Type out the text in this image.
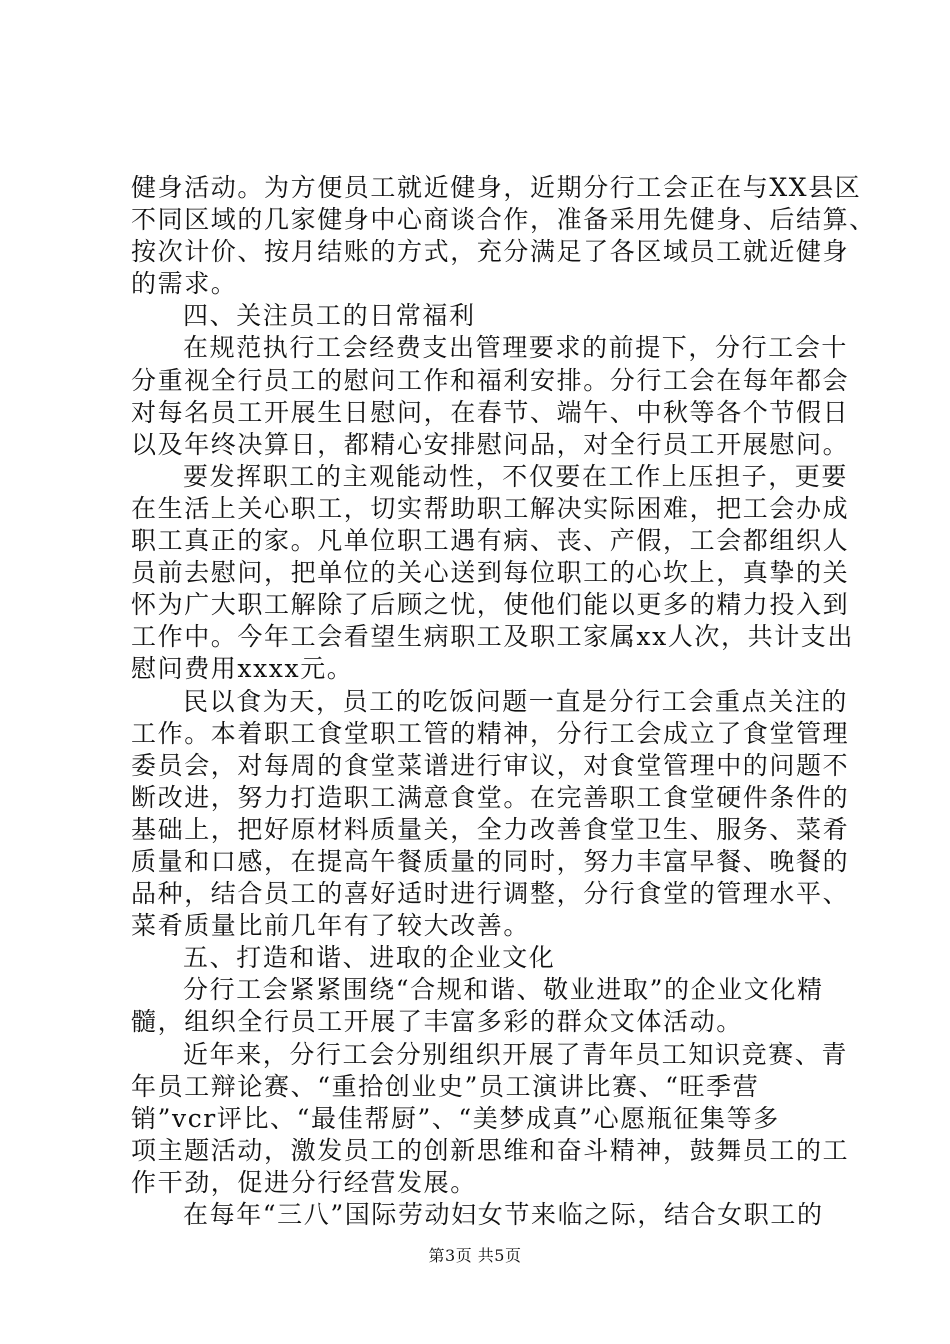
健身活动。为方便员工就近健身，近期分行工会正在与XX县区
不同区域的几家健身中心商谈合作，准备采用先健身、后结算、
按次计价、按月结账的方式，充分满足了各区域员工就近健身
的需求。
四、关注员工的日常福利
在规范执行工会经费支出管理要求的前提下，分行工会十
分重视全行员工的慰问工作和福利安排。分行工会在每年都会
对每名员工开展生日慰问，在春节、端午、中秋等各个节假日
以及年终决算日，都精心安排慰问品，对全行员工开展慰问。
要发挥职工的主观能动性，不仅要在工作上压担子，更要
在生活上关心职工，切实帮助职工解决实际困难，把工会办成
职工真正的家。凡单位职工遇有病、丧、产假，工会都组织人
员前去慰问，把单位的关心送到每位职工的心坎上，真挚的关
怀为广大职工解除了后顾之忧，使他们能以更多的精力投入到
工作中。今年工会看望生病职工及职工家属xx人次，共计支出
慰问费用xxxx元。
民以食为天，员工的吃饭问题一直是分行工会重点关注的
工作。本着职工食堂职工管的精神，分行工会成立了食堂管理
委员会，对每周的食堂菜谱进行审议，对食堂管理中的问题不
断改进，努力打造职工满意食堂。在完善职工食堂硬件条件的
基础上，把好原材料质量关，全力改善食堂卫生、服务、菜肴
质量和口感，在提高午餐质量的同时，努力丰富早餐、晚餐的
品种，结合员工的喜好适时进行调整，分行食堂的管理水平、
菜肴质量比前几年有了较大改善。
五、打造和谐、进取的企业文化
分行工会紧紧围绕“合规和谐、敬业进取”的企业文化精
髓，组织全行员工开展了丰富多彩的群众文体活动。
近年来，分行工会分别组织开展了青年员工知识竞赛、青
年员工辩论赛、“重拾创业史”员工演讲比赛、“旺季营
销”vcr评比、“最佳帮厨”、“美梦成真”心愿瓶征集等多
项主题活动，激发员工的创新思维和奋斗精神，鼓舞员工的工
作干劲，促进分行经营发展。
在每年“三八”国际劳动妇女节来临之际，结合女职工的
第3页 共5页
